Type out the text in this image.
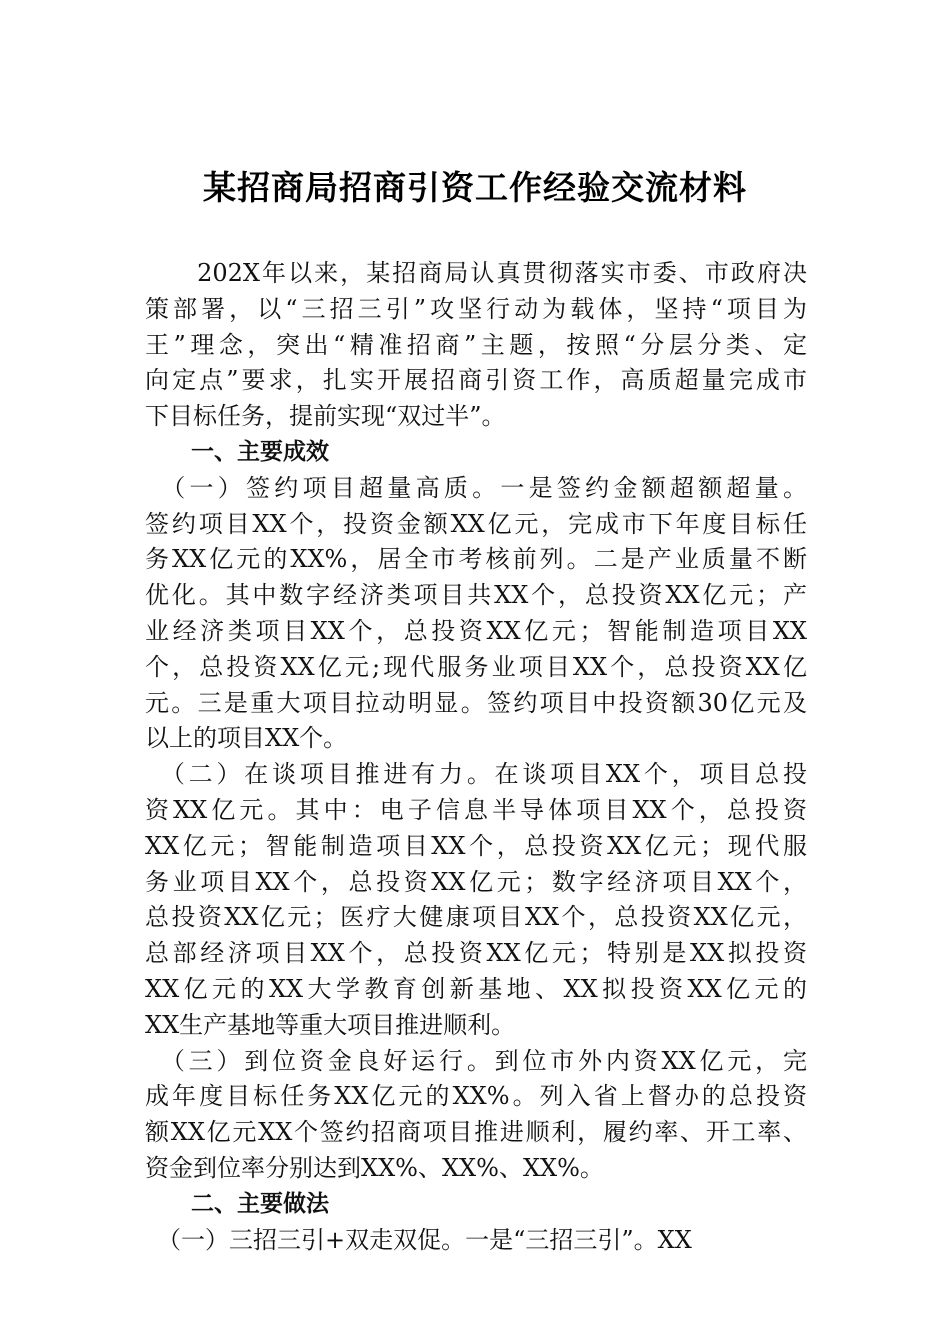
某招商局招商引资工作经验交流材料
　　202X年以来，某招商局认真贯彻落实市委、市政府决
策部署，以“三招三引”攻坚行动为载体，坚持“项目为
王”理念，突出“精准招商”主题，按照“分层分类、定
向定点”要求，扎实开展招商引资工作，高质超量完成市
下目标任务，提前实现“双过半”。
　　一、主要成效
　（一）签约项目超量高质。一是签约金额超额超量。
签约项目XX个，投资金额XX亿元，完成市下年度目标任
务XX亿元的XX%，居全市考核前列。二是产业质量不断
优化。其中数字经济类项目共XX个，总投资XX亿元；产
业经济类项目XX个，总投资XX亿元；智能制造项目XX
个，总投资XX亿元;现代服务业项目XX个，总投资XX亿
元。三是重大项目拉动明显。签约项目中投资额30亿元及
以上的项目XX个。
　（二）在谈项目推进有力。在谈项目XX个，项目总投
资XX亿元。其中：电子信息半导体项目XX个，总投资
XX亿元；智能制造项目XX个，总投资XX亿元；现代服
务业项目XX个，总投资XX亿元；数字经济项目XX个，
总投资XX亿元；医疗大健康项目XX个，总投资XX亿元，
总部经济项目XX个，总投资XX亿元；特别是XX拟投资
XX亿元的XX大学教育创新基地、XX拟投资XX亿元的
XX生产基地等重大项目推进顺利。
　（三）到位资金良好运行。到位市外内资XX亿元，完
成年度目标任务XX亿元的XX%。列入省上督办的总投资
额XX亿元XX个签约招商项目推进顺利，履约率、开工率、
资金到位率分别达到XX%、XX%、XX%。
　　二、主要做法
　（一）三招三引+双走双促。一是“三招三引”。XX
